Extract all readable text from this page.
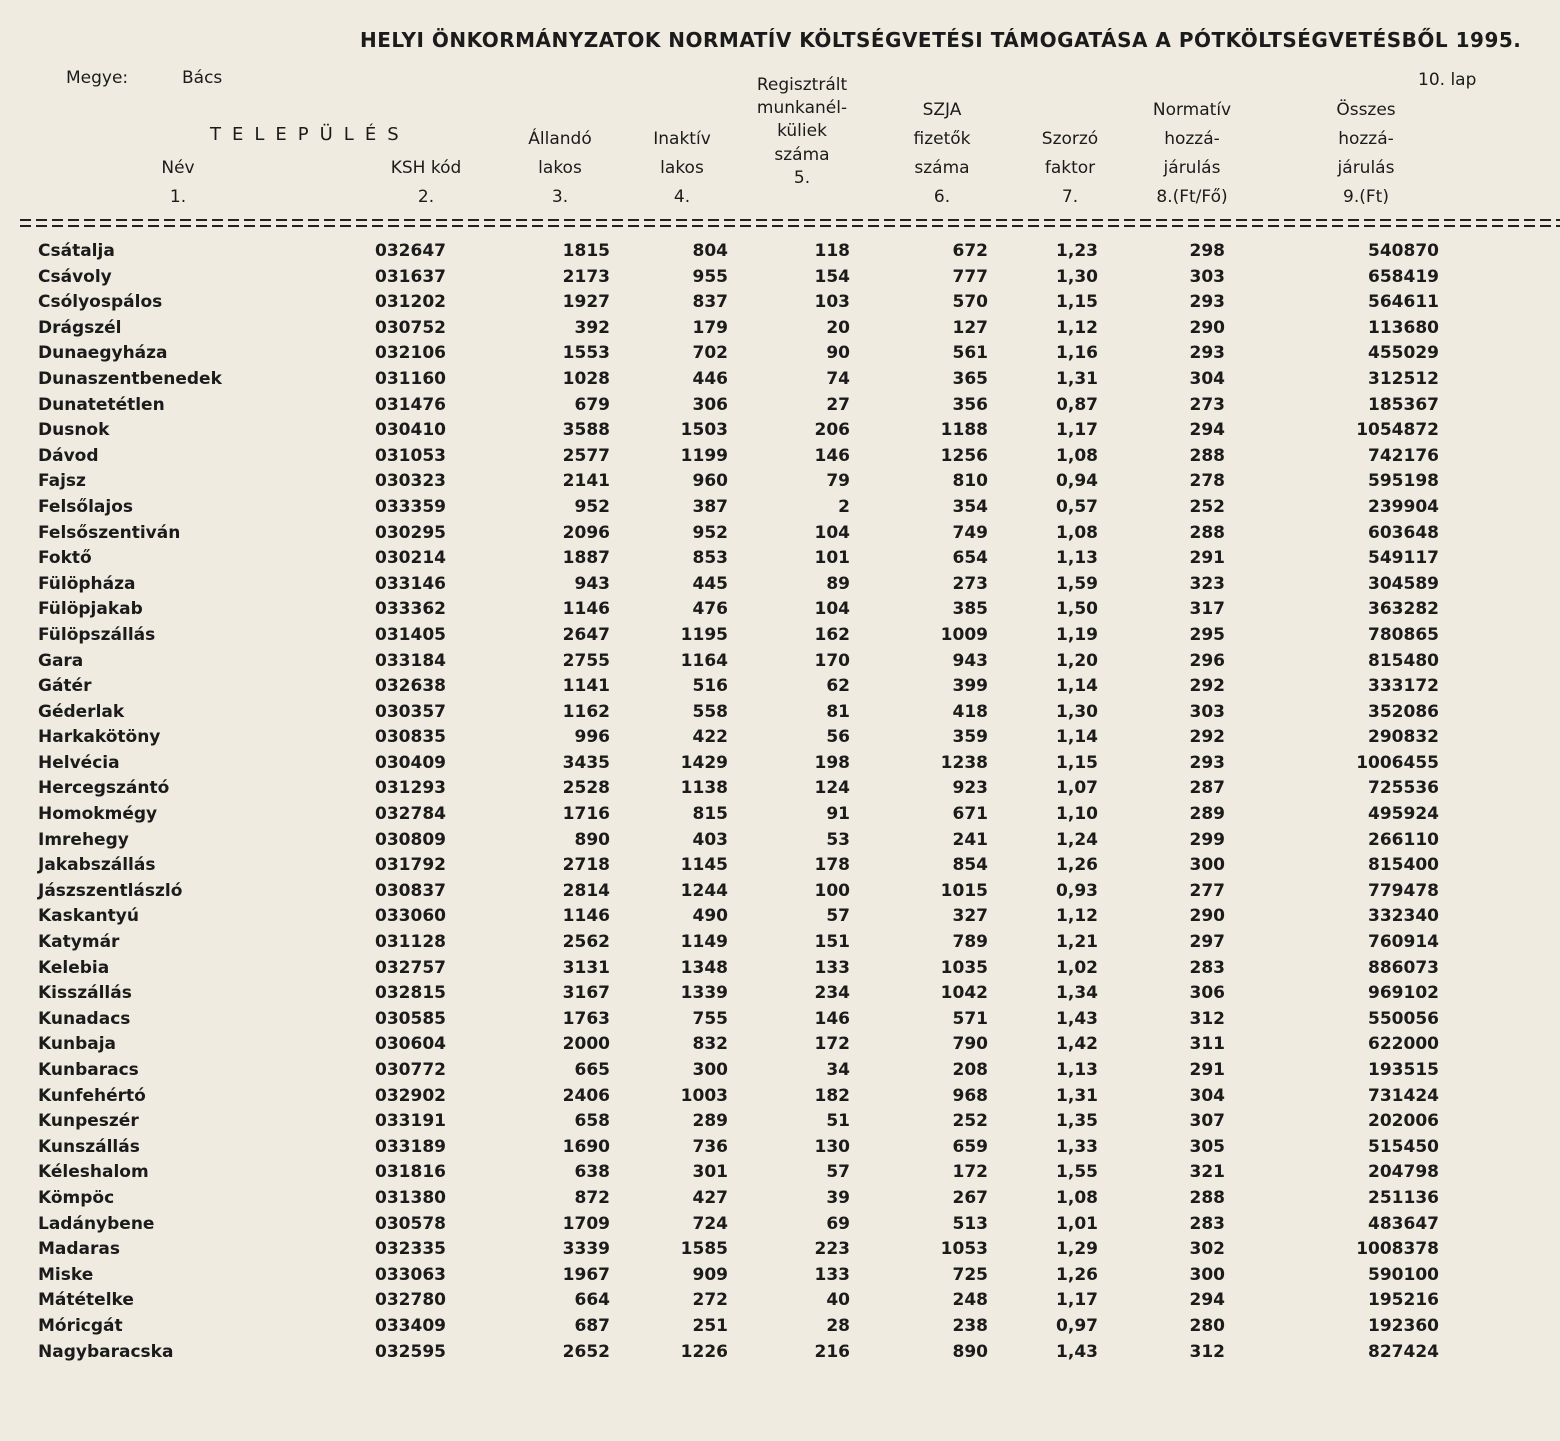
HELYI ÖNKORMÁNYZATOK NORMATÍV KÖLTSÉGVETÉSI TÁMOGATÁSA A PÓTKÖLTSÉGVETÉSBŐL 1995.
Megye:	Bács	10. lap
TELEPÜLÉS
Név
1.
KSH kód
2.
Állandó
lakos
3.
Inaktív
lakos
4.
Regisztrált
munkanél-
küliek
száma
5.
SZJA
fizetők
száma
6.
Szorzó
faktor
7.
Normatív
hozzá-
járulás
8.(Ft/Fő)
Összes
hozzá-
járulás
9.(Ft)
Csátalja	032647	1815	804	118	672	1,23	298	540870
Csávoly	031637	2173	955	154	777	1,30	303	658419
Csólyospálos	031202	1927	837	103	570	1,15	293	564611
Drágszél	030752	392	179	20	127	1,12	290	113680
Dunaegyháza	032106	1553	702	90	561	1,16	293	455029
Dunaszentbenedek	031160	1028	446	74	365	1,31	304	312512
Dunatetétlen	031476	679	306	27	356	0,87	273	185367
Dusnok	030410	3588	1503	206	1188	1,17	294	1054872
Dávod	031053	2577	1199	146	1256	1,08	288	742176
Fajsz	030323	2141	960	79	810	0,94	278	595198
Felsőlajos	033359	952	387	2	354	0,57	252	239904
Felsőszentiván	030295	2096	952	104	749	1,08	288	603648
Foktő	030214	1887	853	101	654	1,13	291	549117
Fülöpháza	033146	943	445	89	273	1,59	323	304589
Fülöpjakab	033362	1146	476	104	385	1,50	317	363282
Fülöpszállás	031405	2647	1195	162	1009	1,19	295	780865
Gara	033184	2755	1164	170	943	1,20	296	815480
Gátér	032638	1141	516	62	399	1,14	292	333172
Géderlak	030357	1162	558	81	418	1,30	303	352086
Harkakötöny	030835	996	422	56	359	1,14	292	290832
Helvécia	030409	3435	1429	198	1238	1,15	293	1006455
Hercegszántó	031293	2528	1138	124	923	1,07	287	725536
Homokmégy	032784	1716	815	91	671	1,10	289	495924
Imrehegy	030809	890	403	53	241	1,24	299	266110
Jakabszállás	031792	2718	1145	178	854	1,26	300	815400
Jászszentlászló	030837	2814	1244	100	1015	0,93	277	779478
Kaskantyú	033060	1146	490	57	327	1,12	290	332340
Katymár	031128	2562	1149	151	789	1,21	297	760914
Kelebia	032757	3131	1348	133	1035	1,02	283	886073
Kisszállás	032815	3167	1339	234	1042	1,34	306	969102
Kunadacs	030585	1763	755	146	571	1,43	312	550056
Kunbaja	030604	2000	832	172	790	1,42	311	622000
Kunbaracs	030772	665	300	34	208	1,13	291	193515
Kunfehértó	032902	2406	1003	182	968	1,31	304	731424
Kunpeszér	033191	658	289	51	252	1,35	307	202006
Kunszállás	033189	1690	736	130	659	1,33	305	515450
Kéleshalom	031816	638	301	57	172	1,55	321	204798
Kömpöc	031380	872	427	39	267	1,08	288	251136
Ladánybene	030578	1709	724	69	513	1,01	283	483647
Madaras	032335	3339	1585	223	1053	1,29	302	1008378
Miske	033063	1967	909	133	725	1,26	300	590100
Mátételke	032780	664	272	40	248	1,17	294	195216
Móricgát	033409	687	251	28	238	0,97	280	192360
Nagybaracska	032595	2652	1226	216	890	1,43	312	827424
